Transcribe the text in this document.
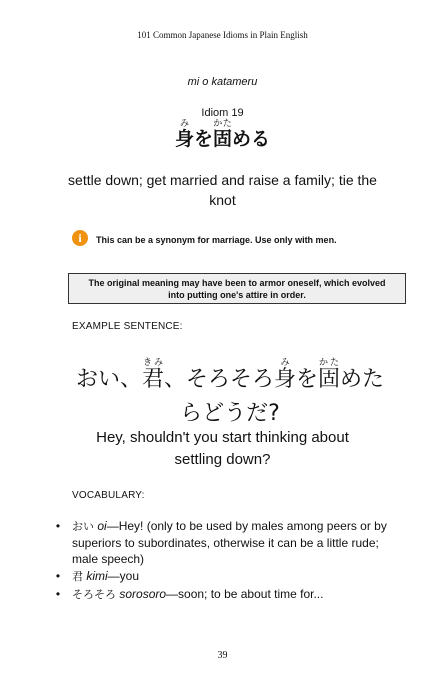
101 Common Japanese Idioms in Plain English
mi o katameru
Idiom 19
身みを固かためる
settle down; get married and raise a family; tie the knot
i	This can be a synonym for marriage. Use only with men.
The original meaning may have been to armor oneself, which evolved
into putting one's attire in order.
EXAMPLE SENTENCE:
おい、君きみ、そろそろ身みを固かためた
らどうだ?
Hey, shouldn't you start thinking about
settling down?
VOCABULARY:
•	おい oi—Hey! (only to be used by males among peers or by superiors to subordinates, otherwise it can be a little rude; male speech)
•	君 kimi—you
•	そろそろ sorosoro—soon; to be about time for...
39
